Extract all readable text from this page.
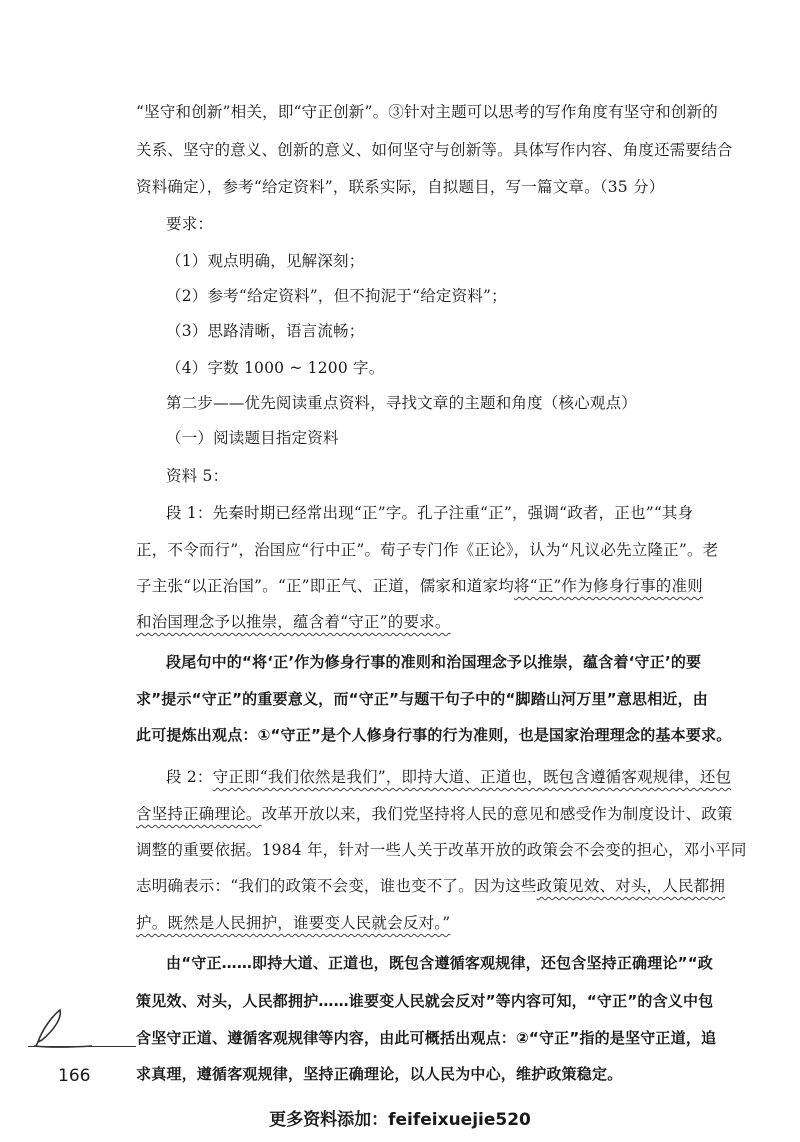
“坚守和创新”相关，即“守正创新”。③针对主题可以思考的写作角度有坚守和创新的
关系、坚守的意义、创新的意义、如何坚守与创新等。具体写作内容、角度还需要结合
资料确定），参考“给定资料”，联系实际，自拟题目，写一篇文章。（35 分）
要求：
（1）观点明确，见解深刻；
（2）参考“给定资料”，但不拘泥于“给定资料”；
（3）思路清晰，语言流畅；
（4）字数 1000 ~ 1200 字。
第二步——优先阅读重点资料，寻找文章的主题和角度（核心观点）
（一）阅读题目指定资料
资料 5：
段 1：先秦时期已经常出现“正”字。孔子注重“正”，强调“政者，正也”“其身
正，不令而行”，治国应“行中正”。荀子专门作《正论》，认为“凡议必先立隆正”。老
子主张“以正治国”。“正”即正气、正道，儒家和道家均将“正”作为修身行事的准则
和治国理念予以推崇，蕴含着“守正”的要求。
段尾句中的“将‘正’作为修身行事的准则和治国理念予以推崇，蕴含着‘守正’的要
求”提示“守正”的重要意义，而“守正”与题干句子中的“脚踏山河万里”意思相近，由
此可提炼出观点：①“守正”是个人修身行事的行为准则，也是国家治理理念的基本要求。
段 2：守正即“我们依然是我们”，即持大道、正道也，既包含遵循客观规律，还包
含坚持正确理论。改革开放以来，我们党坚持将人民的意见和感受作为制度设计、政策
调整的重要依据。1984 年，针对一些人关于改革开放的政策会不会变的担心，邓小平同
志明确表示：“我们的政策不会变，谁也变不了。因为这些政策见效、对头，人民都拥
护。既然是人民拥护，谁要变人民就会反对。”
由“守正……即持大道、正道也，既包含遵循客观规律，还包含坚持正确理论”“政
策见效、对头，人民都拥护……谁要变人民就会反对”等内容可知，“守正”的含义中包
含坚守正道、遵循客观规律等内容，由此可概括出观点：②“守正”指的是坚守正道，追
求真理，遵循客观规律，坚持正确理论，以人民为中心，维护政策稳定。
166
更多资料添加：feifeixuejie520
